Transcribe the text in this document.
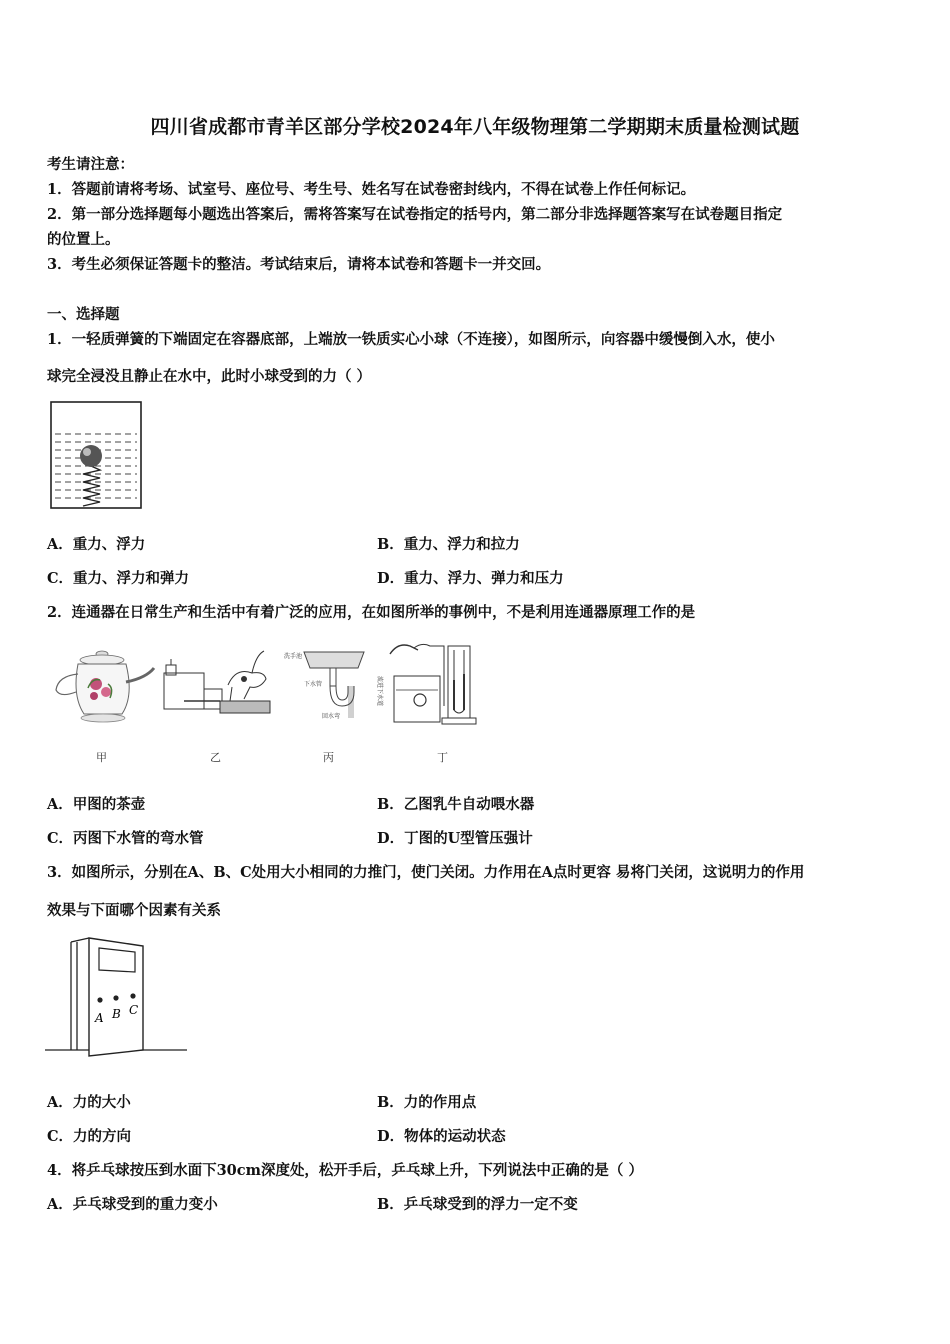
四川省成都市青羊区部分学校2024年八年级物理第二学期期末质量检测试题
考生请注意：
1．答题前请将考场、试室号、座位号、考生号、姓名写在试卷密封线内，不得在试卷上作任何标记。
2．第一部分选择题每小题选出答案后，需将答案写在试卷指定的括号内，第二部分非选择题答案写在试卷题目指定
的位置上。
3．考生必须保证答题卡的整洁。考试结束后，请将本试卷和答题卡一并交回。
一、选择题
1．一轻质弹簧的下端固定在容器底部，上端放一铁质实心小球（不连接），如图所示，向容器中缓慢倒入水，使小
球完全浸没且静止在水中，此时小球受到的力（ ）
A．重力、浮力	B．重力、浮力和拉力
C．重力、浮力和弹力	D．重力、浮力、弹力和压力
2．连通器在日常生产和生活中有着广泛的应用，在如图所举的事例中，不是利用连通器原理工作的是
洗手池
下水管
回水弯
流进下水道
甲	乙	丙	丁
A．甲图的茶壶	B．乙图乳牛自动喂水器
C．丙图下水管的弯水管	D．丁图的U型管压强计
3．如图所示，分别在A、B、C处用大小相同的力推门，使门关闭。力作用在A点时更容 易将门关闭，这说明力的作用
效果与下面哪个因素有关系
A B C
A．力的大小	B．力的作用点
C．力的方向	D．物体的运动状态
4．将乒乓球按压到水面下30cm深度处，松开手后，乒乓球上升，下列说法中正确的是（ ）
A．乒乓球受到的重力变小	B．乒乓球受到的浮力一定不变
